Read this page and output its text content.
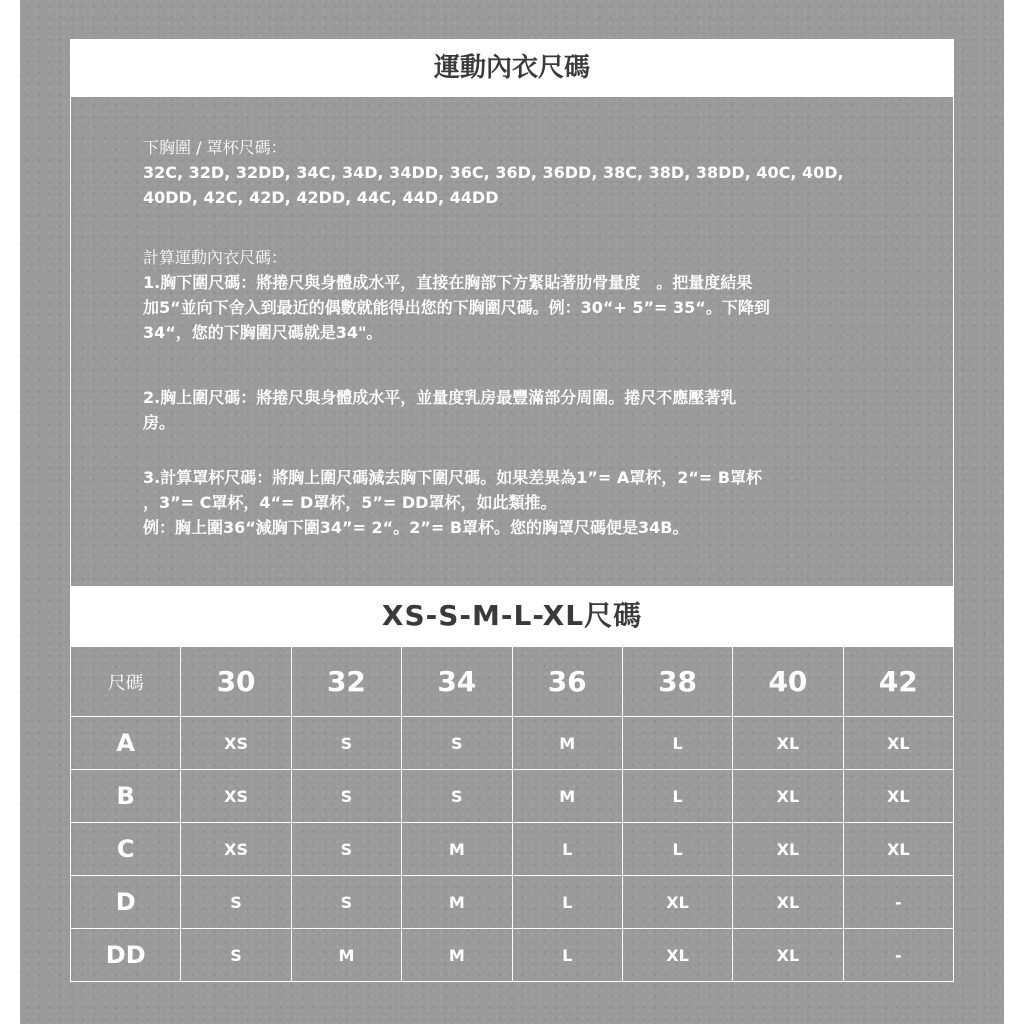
運動內衣尺碼
下胸圍 / 罩杯尺碼：
32C, 32D, 32DD, 34C, 34D, 34DD, 36C, 36D, 36DD, 38C, 38D, 38DD, 40C, 40D,
40DD, 42C, 42D, 42DD, 44C, 44D, 44DD
計算運動內衣尺碼：
1.胸下圍尺碼：將捲尺與身體成水平，直接在胸部下方緊貼著肋骨量度　。把量度結果
加5“並向下舍入到最近的偶數就能得出您的下胸圍尺碼。例：30“+ 5”= 35“。下降到
34“，您的下胸圍尺碼就是34"。
2.胸上圍尺碼：將捲尺與身體成水平，並量度乳房最豐滿部分周圍。捲尺不應壓著乳
房。
3.計算罩杯尺碼：將胸上圍尺碼減去胸下圍尺碼。如果差異為1”= A罩杯，2“= B罩杯
，3”= C罩杯，4“= D罩杯，5”= DD罩杯，如此類推。
例：胸上圍36“減胸下圍34”= 2“。2”= B罩杯。您的胸罩尺碼便是34B。
XS-S-M-L-XL尺碼
尺碼	30	32	34	36	38	40	42
A	XS	S	S	M	L	XL	XL
B	XS	S	S	M	L	XL	XL
C	XS	S	M	L	L	XL	XL
D	S	S	M	L	XL	XL	-
DD	S	M	M	L	XL	XL	-
